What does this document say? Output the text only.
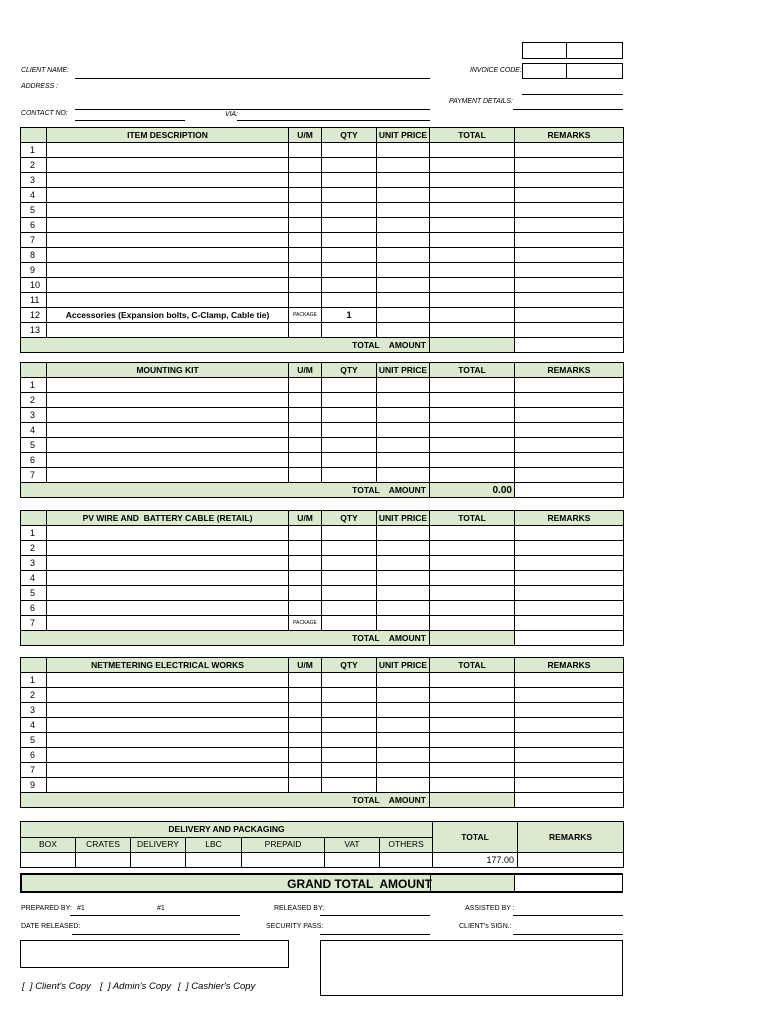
CLIENT NAME:	INVOICE CODE:
ADDRESS :
PAYMENT DETAILS:
CONTACT NO:	VIA:
	ITEM DESCRIPTION	U/M	QTY	UNIT PRICE	TOTAL	REMARKS
1						
2						
3						
4						
5						
6						
7						
8						
9						
10						
11						
12	Accessories (Expansion bolts, C-Clamp, Cable tie)	PACKAGE	1			
13						
TOTAL    AMOUNT						
	MOUNTING KIT	U/M	QTY	UNIT PRICE	TOTAL	REMARKS
1						
2						
3						
4						
5						
6						
7						
TOTAL    AMOUNT					0.00	
	PV WIRE AND  BATTERY CABLE (RETAIL)	U/M	QTY	UNIT PRICE	TOTAL	REMARKS
1						
2						
3						
4						
5						
6						
7		PACKAGE				
TOTAL    AMOUNT						
	NETMETERING ELECTRICAL WORKS	U/M	QTY	UNIT PRICE	TOTAL	REMARKS
1						
2						
3						
4						
5						
6						
7						
9						
TOTAL    AMOUNT						
DELIVERY AND PACKAGING							TOTAL	REMARKS
BOX	CRATES	DELIVERY	LBC	PREPAID	VAT	OTHERS		
							177.00	
GRAND TOTAL  AMOUNT
PREPARED BY: #1	#1	RELEASED BY:	ASSISTED BY :
DATE RELEASED:	SECURITY PASS:	CLIENT's SIGN.:
[  ] Client's Copy [  ] Admin's Copy [  ] Cashier's Copy
